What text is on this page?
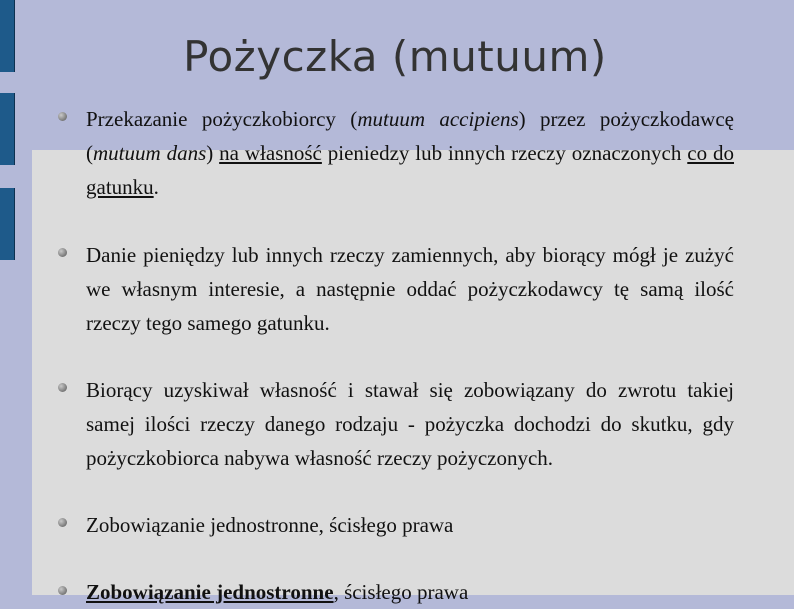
Pożyczka (mutuum)

Przekazanie pożyczkobiorcy (mutuum accipiens) przez pożyczkodawcę (mutuum dans) na własność pieniedzy lub innych rzeczy oznaczonych co do gatunku.

Danie pieniędzy lub innych rzeczy zamiennych, aby biorący mógł je zużyć we własnym interesie, a następnie oddać pożyczkodawcy tę samą ilość rzeczy tego samego gatunku.

Biorący uzyskiwał własność i stawał się zobowiązany do zwrotu takiej samej ilości rzeczy danego rodzaju - pożyczka dochodzi do skutku, gdy pożyczkobiorca nabywa własność rzeczy pożyczonych.

Zobowiązanie jednostronne, ścisłego prawa

Zobowiązanie jednostronne, ścisłego prawa
